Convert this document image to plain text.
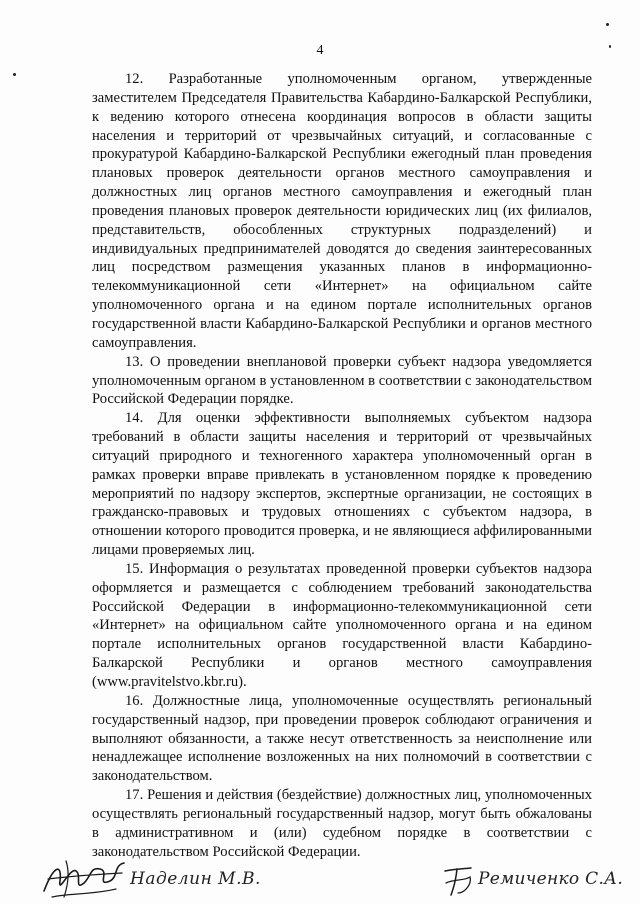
4

12. Разработанные уполномоченным органом, утвержденные заместителем Председателя Правительства Кабардино-Балкарской Республики, к ведению которого отнесена координация вопросов в области защиты населения и территорий от чрезвычайных ситуаций, и согласованные с прокуратурой Кабардино-Балкарской Республики ежегодный план проведения плановых проверок деятельности органов местного самоуправления и должностных лиц органов местного самоуправления и ежегодный план проведения плановых проверок деятельности юридических лиц (их филиалов, представительств, обособленных структурных подразделений) и индивидуальных предпринимателей доводятся до сведения заинтересованных лиц посредством размещения указанных планов в информационно-телекоммуникационной сети «Интернет» на официальном сайте уполномоченного органа и на едином портале исполнительных органов государственной власти Кабардино-Балкарской Республики и органов местного самоуправления.

13. О проведении внеплановой проверки субъект надзора уведомляется уполномоченным органом в установленном в соответствии с законодательством Российской Федерации порядке.

14. Для оценки эффективности выполняемых субъектом надзора требований в области защиты населения и территорий от чрезвычайных ситуаций природного и техногенного характера уполномоченный орган в рамках проверки вправе привлекать в установленном порядке к проведению мероприятий по надзору экспертов, экспертные организации, не состоящих в гражданско-правовых и трудовых отношениях с субъектом надзора, в отношении которого проводится проверка, и не являющиеся аффилированными лицами проверяемых лиц.

15. Информация о результатах проведенной проверки субъектов надзора оформляется и размещается с соблюдением требований законодательства Российской Федерации в информационно-телекоммуникационной сети «Интернет» на официальном сайте уполномоченного органа и на едином портале исполнительных органов государственной власти Кабардино-Балкарской Республики и органов местного самоуправления (www.pravitelstvo.kbr.ru).

16. Должностные лица, уполномоченные осуществлять региональный государственный надзор, при проведении проверок соблюдают ограничения и выполняют обязанности, а также несут ответственность за неисполнение или ненадлежащее исполнение возложенных на них полномочий в соответствии с законодательством.

17. Решения и действия (бездействие) должностных лиц, уполномоченных осуществлять региональный государственный надзор, могут быть обжалованы в административном и (или) судебном порядке в соответствии с законодательством Российской Федерации.

Наделин М.В.	Ремиченко С.А.
